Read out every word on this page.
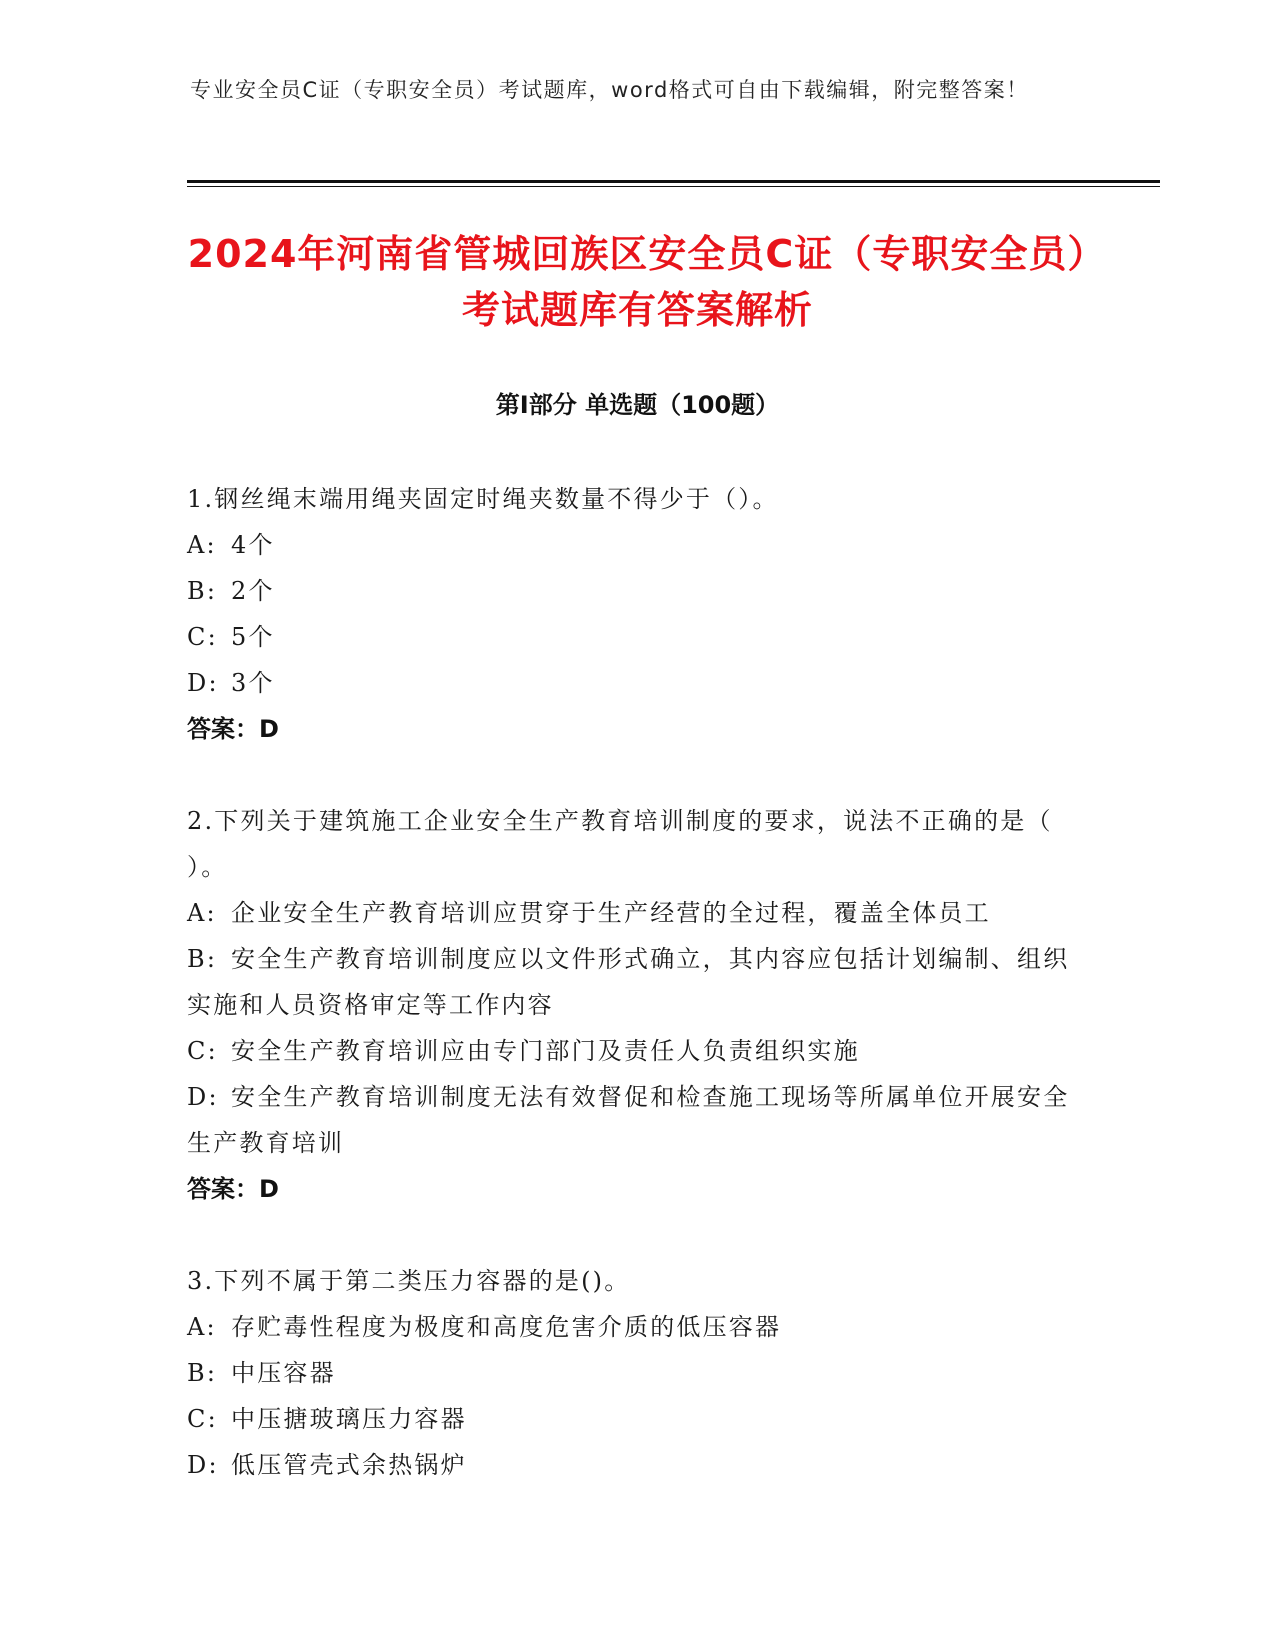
专业安全员C证（专职安全员）考试题库，word格式可自由下载编辑，附完整答案！
2024年河南省管城回族区安全员C证（专职安全员）考试题库有答案解析
第Ⅰ部分 单选题（100题）

1.钢丝绳末端用绳夹固定时绳夹数量不得少于（）。

A: 4个

B: 2个

C: 5个

D: 3个

答案：D

2.下列关于建筑施工企业安全生产教育培训制度的要求，说法不正确的是（ ）。

A: 企业安全生产教育培训应贯穿于生产经营的全过程，覆盖全体员工

B: 安全生产教育培训制度应以文件形式确立，其内容应包括计划编制、组织实施和人员资格审定等工作内容

C: 安全生产教育培训应由专门部门及责任人负责组织实施

D: 安全生产教育培训制度无法有效督促和检查施工现场等所属单位开展安全生产教育培训

答案：D

3.下列不属于第二类压力容器的是()。

A: 存贮毒性程度为极度和高度危害介质的低压容器

B: 中压容器

C: 中压搪玻璃压力容器

D: 低压管壳式余热锅炉
